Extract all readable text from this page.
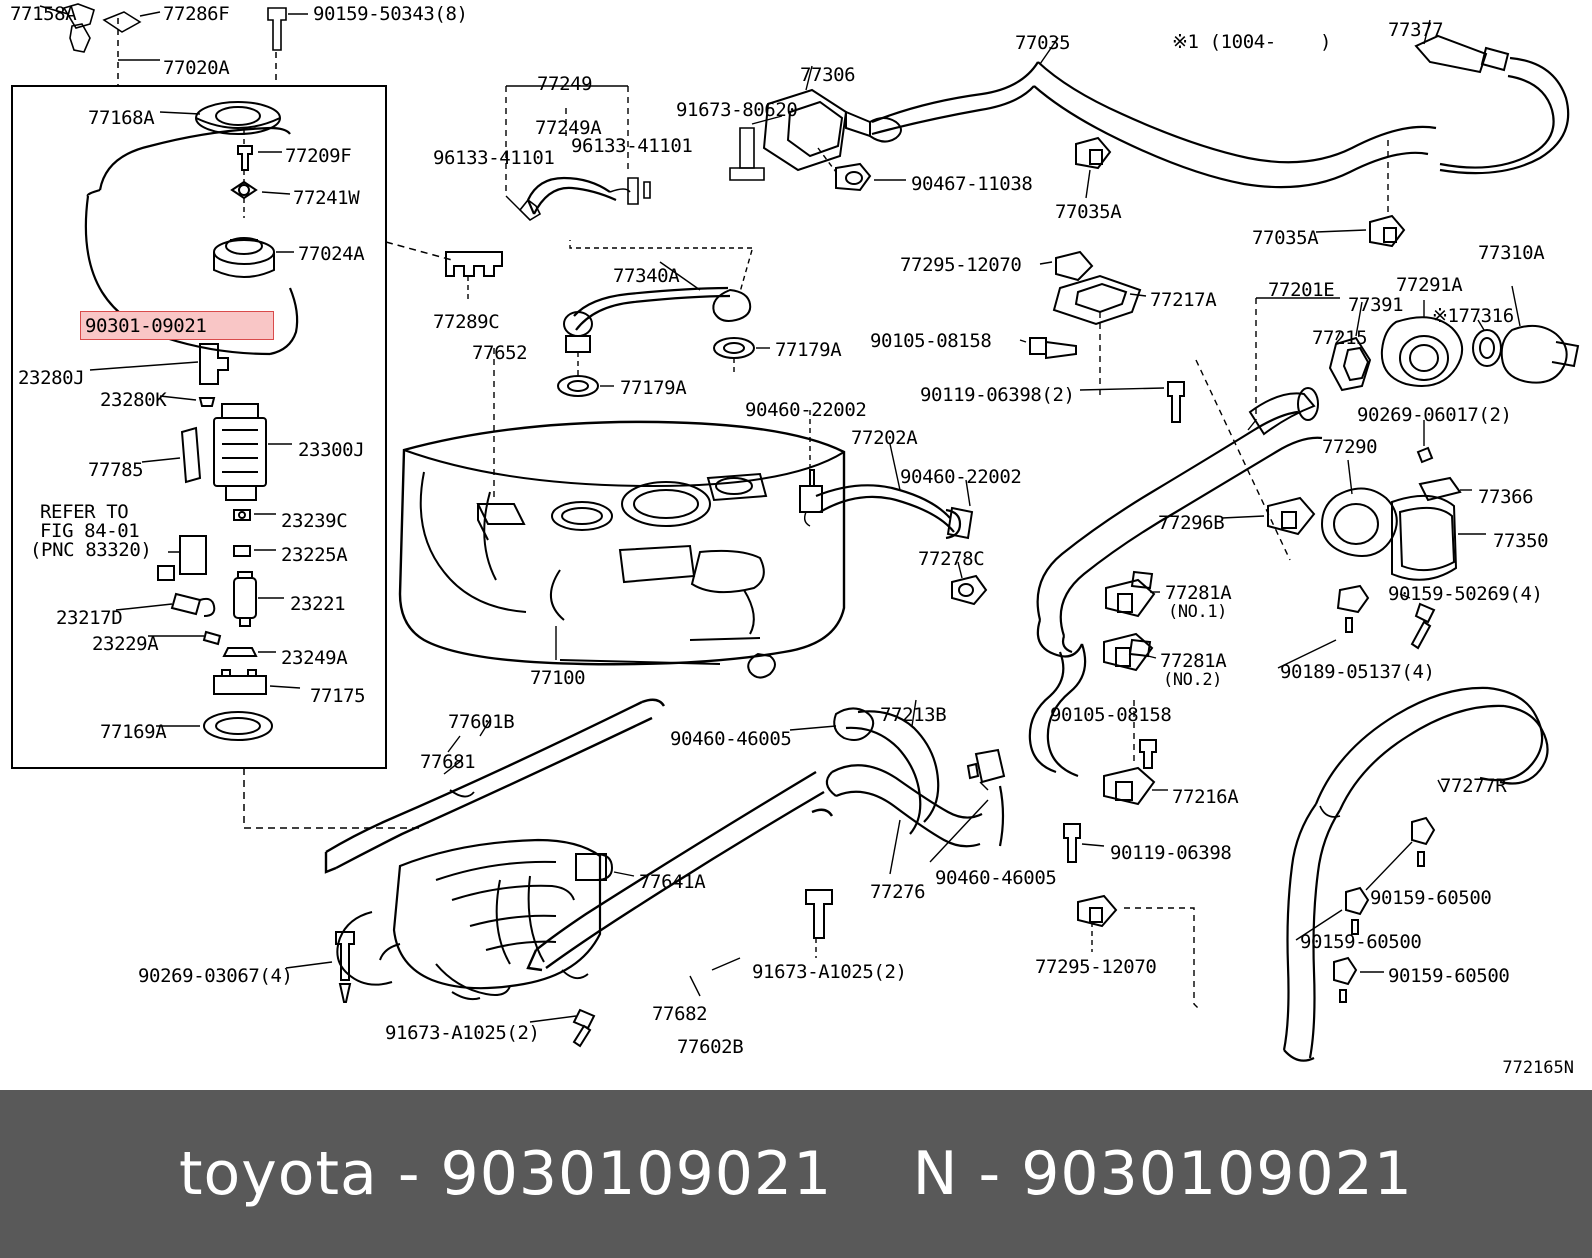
90301-09021
※1 (1004-    )
REFER TO
FIG 84-01
(PNC 83320)
77158A	77286F	90159-50343(8)
77035
77377
77020A
77249	77306
77168A	77249A
91673-80620
77209F	96133-41101
96133-41101
90467-11038
77241W
77035A
77035A
77024A
77340A	77295-12070
77310A
77289C
77217A	77201E	77291A
77391 ※177316
77215
77652	77179A 90105-08158
23280J
23280K
77179A	90119-06398(2)
90269-06017(2)
90460-22002
77202A	77290
23300J
77785	90460-22002
77366
23239C	77296B
77350
23225A	77278C
23221
23217D
90159-50269(4)
77281A
(NO.1)
23229A
23249A	77281A
(NO.2)	90189-05137(4)
77175
77169A
77100
77213B	90105-08158
77601B
90460-46005
77681
77277R
77216A
90119-06398
77641A	77276
90460-46005
90159-60500
90159-60500
77295-12070
90269-03067(4)	90159-60500
91673-A1025(2)
77682
91673-A1025(2)
77602B
772165N
toyota - 9030109021    N - 9030109021
